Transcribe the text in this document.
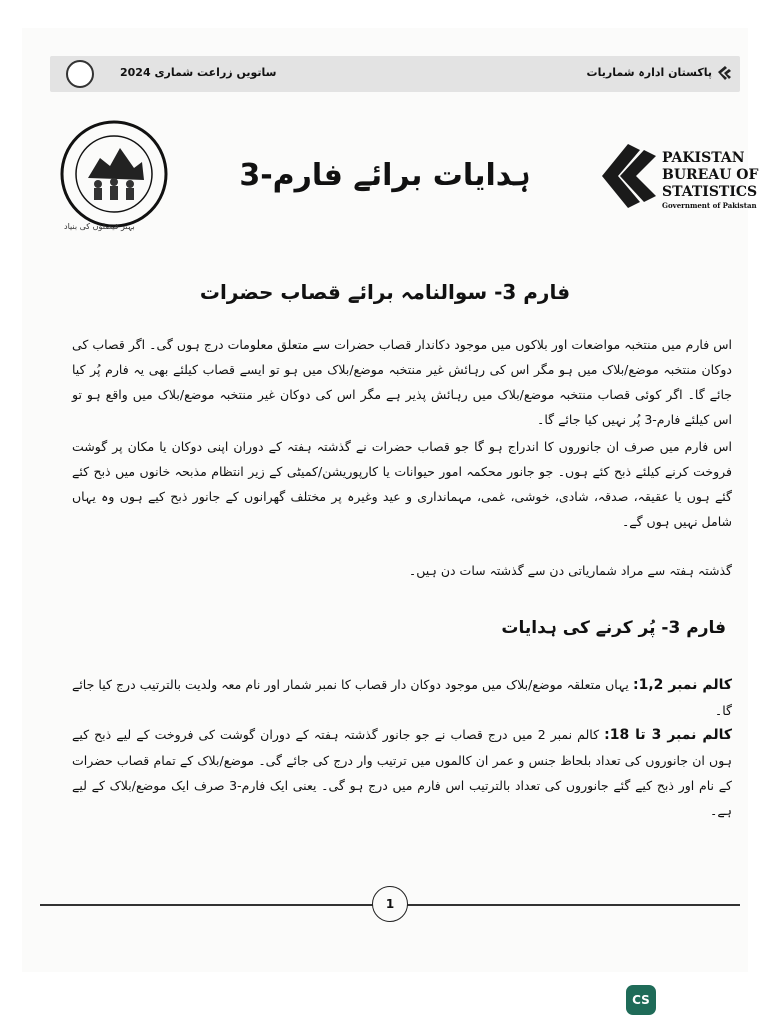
پاکستان ادارہ شماریات
ساتویں زراعت شماری 2024
بہتر فیصلوں کی بنیاد
ہدایات برائے فارم-3	PAKISTAN
BUREAU OF
STATISTICS
Government of Pakistan
فارم 3- سوالنامہ برائے قصاب حضرات
اس فارم میں منتخبہ مواضعات اور بلاکوں میں موجود دکاندار قصاب حضرات سے متعلق معلومات درج ہوں گی۔ اگر قصاب کی دوکان منتخبہ موضع/بلاک میں ہو مگر اس کی رہائش غیر منتخبہ موضع/بلاک میں ہو تو ایسے قصاب کیلئے بھی یہ فارم پُر کیا جائے گا۔ اگر کوئی قصاب منتخبہ موضع/بلاک میں رہائش پذیر ہے مگر اس کی دوکان غیر منتخبہ موضع/بلاک میں واقع ہو تو اس کیلئے فارم-3 پُر نہیں کیا جائے گا۔
اس فارم میں صرف ان جانوروں کا اندراج ہو گا جو قصاب حضرات نے گذشتہ ہفتہ کے دوران اپنی دوکان یا مکان پر گوشت فروخت کرنے کیلئے ذبح کئے ہوں۔ جو جانور محکمہ امور حیوانات یا کارپوریشن/کمیٹی کے زیر انتظام مذبحہ خانوں میں ذبح کئے گئے ہوں یا عقیقہ، صدقہ، شادی، خوشی، غمی، مہمانداری و عید وغیرہ پر مختلف گھرانوں کے جانور ذبح کیے ہوں وہ یہاں شامل نہیں ہوں گے۔
گذشتہ ہفتہ سے مراد شماریاتی دن سے گذشتہ سات دن ہیں۔
فارم 3- پُر کرنے کی ہدایات
کالم نمبر 1,2: یہاں متعلقہ موضع/بلاک میں موجود دوکان دار قصاب کا نمبر شمار اور نام معہ ولدیت بالترتیب درج کیا جائے گا۔
کالم نمبر 3 تا 18: کالم نمبر 2 میں درج قصاب نے جو جانور گذشتہ ہفتہ کے دوران گوشت کی فروخت کے لیے ذبح کیے ہوں ان جانوروں کی تعداد بلحاظ جنس و عمر ان کالموں میں ترتیب وار درج کی جائے گی۔ موضع/بلاک کے تمام قصاب حضرات کے نام اور ذبح کیے گئے جانوروں کی تعداد بالترتیب اس فارم میں درج ہو گی۔ یعنی ایک فارم-3 صرف ایک موضع/بلاک کے لیے ہے۔
1
CS
